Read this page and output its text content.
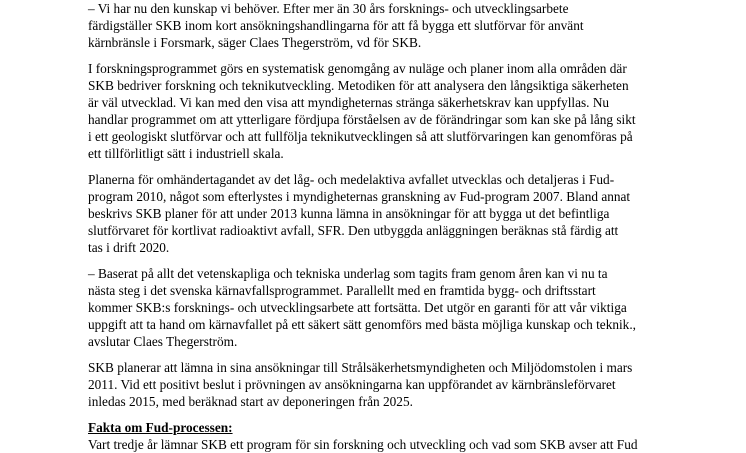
– Vi har nu den kunskap vi behöver. Efter mer än 30 års forsknings- och utvecklingsarbete
färdigställer SKB inom kort ansökningshandlingarna för att få bygga ett slutförvar för använt
kärnbränsle i Forsmark, säger Claes Thegerström, vd för SKB.

I forskningsprogrammet görs en systematisk genomgång av nuläge och planer inom alla områden där
SKB bedriver forskning och teknikutveckling. Metodiken för att analysera den långsiktiga säkerheten
är väl utvecklad. Vi kan med den visa att myndigheternas stränga säkerhetskrav kan uppfyllas. Nu
handlar programmet om att ytterligare fördjupa förståelsen av de förändringar som kan ske på lång sikt
i ett geologiskt slutförvar och att fullfölja teknikutvecklingen så att slutförvaringen kan genomföras på
ett tillförlitligt sätt i industriell skala.

Planerna för omhändertagandet av det låg- och medelaktiva avfallet utvecklas och detaljeras i Fud-
program 2010, något som efterlystes i myndigheternas granskning av Fud-program 2007. Bland annat
beskrivs SKB planer för att under 2013 kunna lämna in ansökningar för att bygga ut det befintliga
slutförvaret för kortlivat radioaktivt avfall, SFR. Den utbyggda anläggningen beräknas stå färdig att
tas i drift 2020.

– Baserat på allt det vetenskapliga och tekniska underlag som tagits fram genom åren kan vi nu ta
nästa steg i det svenska kärnavfallsprogrammet. Parallellt med en framtida bygg- och driftsstart
kommer SKB:s forsknings- och utvecklingsarbete att fortsätta. Det utgör en garanti för att vår viktiga
uppgift att ta hand om kärnavfallet på ett säkert sätt genomförs med bästa möjliga kunskap och teknik.,
avslutar Claes Thegerström.

SKB planerar att lämna in sina ansökningar till Strålsäkerhetsmyndigheten och Miljödomstolen i mars
2011. Vid ett positivt beslut i prövningen av ansökningarna kan uppförandet av kärnbränsleförvaret
inledas 2015, med beräknad start av deponeringen från 2025.

Fakta om Fud-processen:

Vart tredje år lämnar SKB ett program för sin forskning och utveckling och vad som SKB avser att Fud
